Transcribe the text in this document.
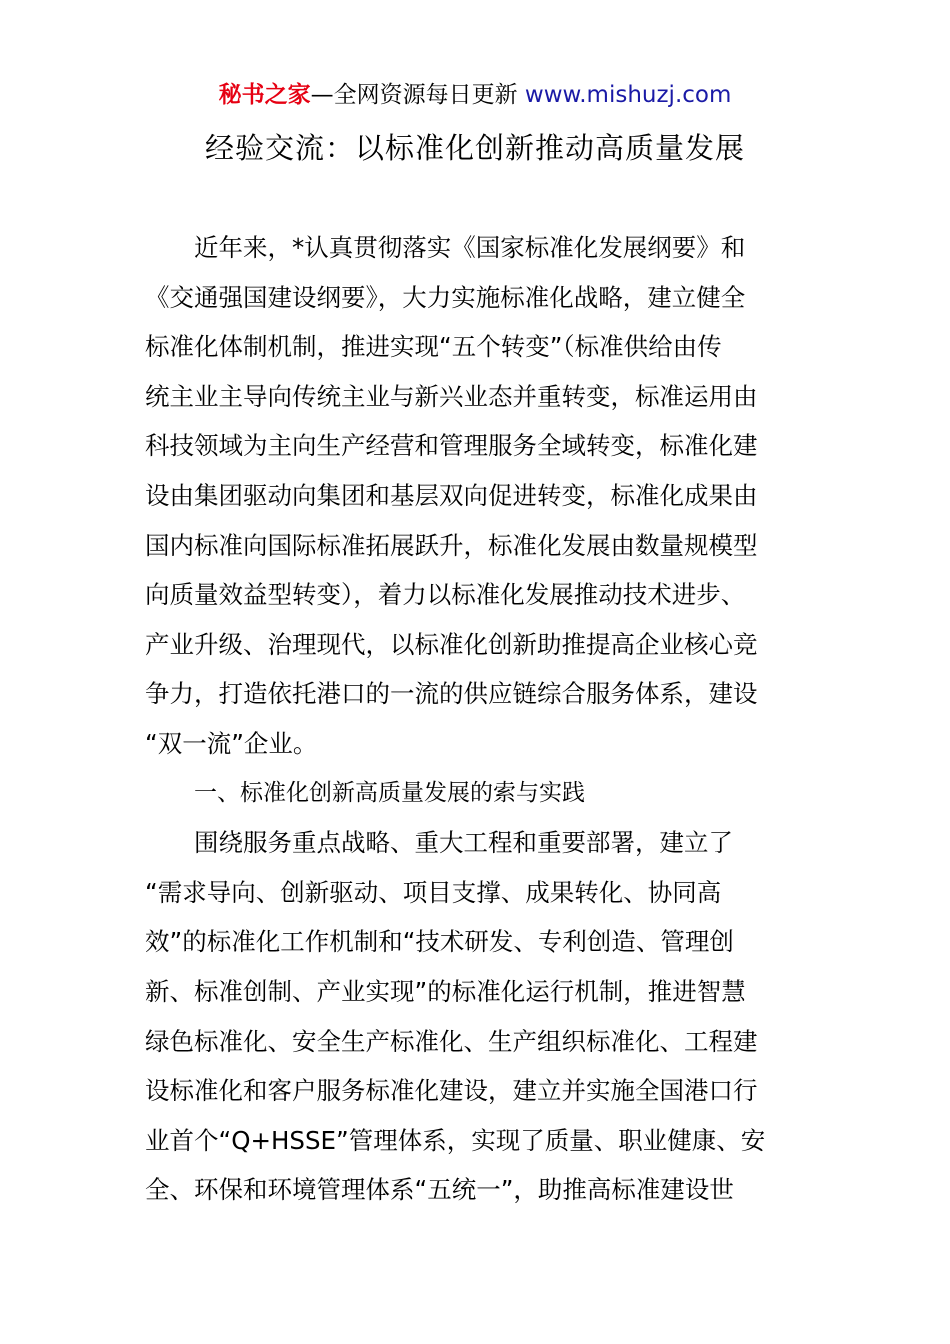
秘书之家—全网资源每日更新 www.mishuzj.com
经验交流：以标准化创新推动高质量发展
近年来，*认真贯彻落实《国家标准化发展纲要》和
《交通强国建设纲要》，大力实施标准化战略，建立健全
标准化体制机制，推进实现“五个转变”（标准供给由传
统主业主导向传统主业与新兴业态并重转变，标准运用由
科技领域为主向生产经营和管理服务全域转变，标准化建
设由集团驱动向集团和基层双向促进转变，标准化成果由
国内标准向国际标准拓展跃升，标准化发展由数量规模型
向质量效益型转变），着力以标准化发展推动技术进步、
产业升级、治理现代，以标准化创新助推提高企业核心竞
争力，打造依托港口的一流的供应链综合服务体系，建设
“双一流”企业。
一、标准化创新高质量发展的索与实践
围绕服务重点战略、重大工程和重要部署，建立了
“需求导向、创新驱动、项目支撑、成果转化、协同高
效”的标准化工作机制和“技术研发、专利创造、管理创
新、标准创制、产业实现”的标准化运行机制，推进智慧
绿色标准化、安全生产标准化、生产组织标准化、工程建
设标准化和客户服务标准化建设，建立并实施全国港口行
业首个“Q+HSSE”管理体系，实现了质量、职业健康、安
全、环保和环境管理体系“五统一”，助推高标准建设世
